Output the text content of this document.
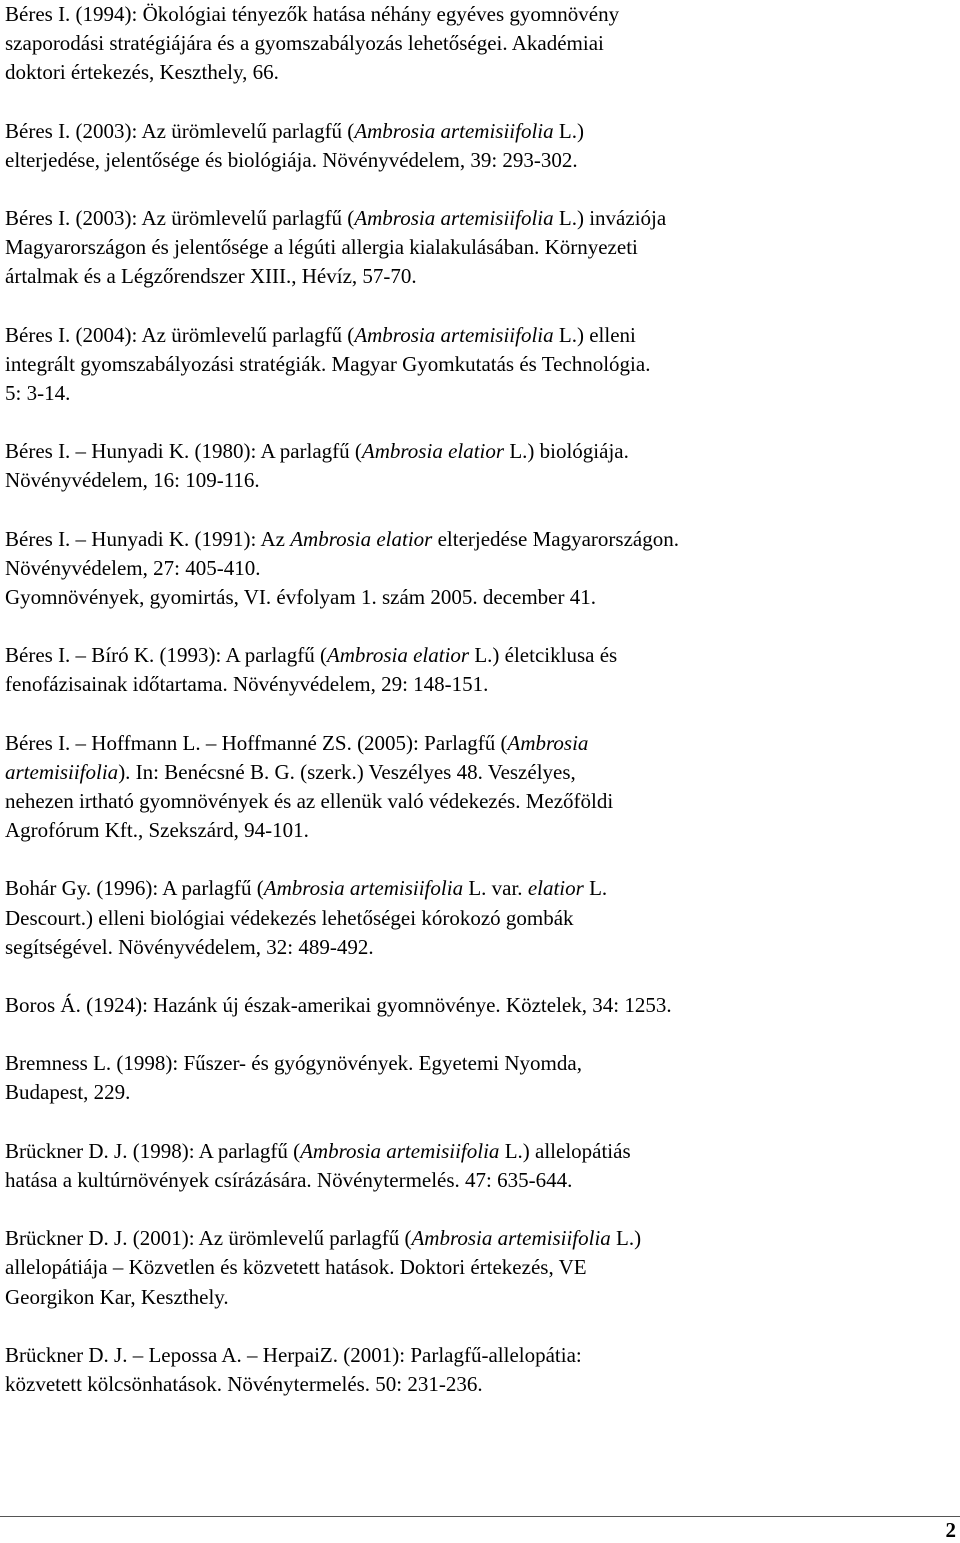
Béres I. (1994): Ökológiai tényezők hatása néhány egyéves gyomnövény
szaporodási stratégiájára és a gyomszabályozás lehetőségei. Akadémiai
doktori értekezés, Keszthely, 66.
Béres I. (2003): Az ürömlevelű parlagfű (Ambrosia artemisiifolia L.)
elterjedése, jelentősége és biológiája. Növényvédelem, 39: 293-302.
Béres I. (2003): Az ürömlevelű parlagfű (Ambrosia artemisiifolia L.) inváziója
Magyarországon és jelentősége a légúti allergia kialakulásában. Környezeti
ártalmak és a Légzőrendszer XIII., Hévíz, 57-70.
Béres I. (2004): Az ürömlevelű parlagfű (Ambrosia artemisiifolia L.) elleni
integrált gyomszabályozási stratégiák. Magyar Gyomkutatás és Technológia.
5: 3-14.
Béres I. – Hunyadi K. (1980): A parlagfű (Ambrosia elatior L.) biológiája.
Növényvédelem, 16: 109-116.
Béres I. – Hunyadi K. (1991): Az Ambrosia elatior elterjedése Magyarországon.
Növényvédelem, 27: 405-410.
Gyomnövények, gyomirtás, VI. évfolyam 1. szám 2005. december 41.
Béres I. – Bíró K. (1993): A parlagfű (Ambrosia elatior L.) életciklusa és
fenofázisainak időtartama. Növényvédelem, 29: 148-151.
Béres I. – Hoffmann L. – Hoffmanné ZS. (2005): Parlagfű (Ambrosia
artemisiifolia). In: Benécsné B. G. (szerk.) Veszélyes 48. Veszélyes,
nehezen irtható gyomnövények és az ellenük való védekezés. Mezőföldi
Agrofórum Kft., Szekszárd, 94-101.
Bohár Gy. (1996): A parlagfű (Ambrosia artemisiifolia L. var. elatior L.
Descourt.) elleni biológiai védekezés lehetőségei kórokozó gombák
segítségével. Növényvédelem, 32: 489-492.
Boros Á. (1924): Hazánk új észak-amerikai gyomnövénye. Köztelek, 34: 1253.
Bremness L. (1998): Fűszer- és gyógynövények. Egyetemi Nyomda,
Budapest, 229.
Brückner D. J. (1998): A parlagfű (Ambrosia artemisiifolia L.) allelopátiás
hatása a kultúrnövények csírázására. Növénytermelés. 47: 635-644.
Brückner D. J. (2001): Az ürömlevelű parlagfű (Ambrosia artemisiifolia L.)
allelopátiája – Közvetlen és közvetett hatások. Doktori értekezés, VE
Georgikon Kar, Keszthely.
Brückner D. J. – Lepossa A. – HerpaiZ. (2001): Parlagfű-allelopátia:
közvetett kölcsönhatások. Növénytermelés. 50: 231-236.
2
